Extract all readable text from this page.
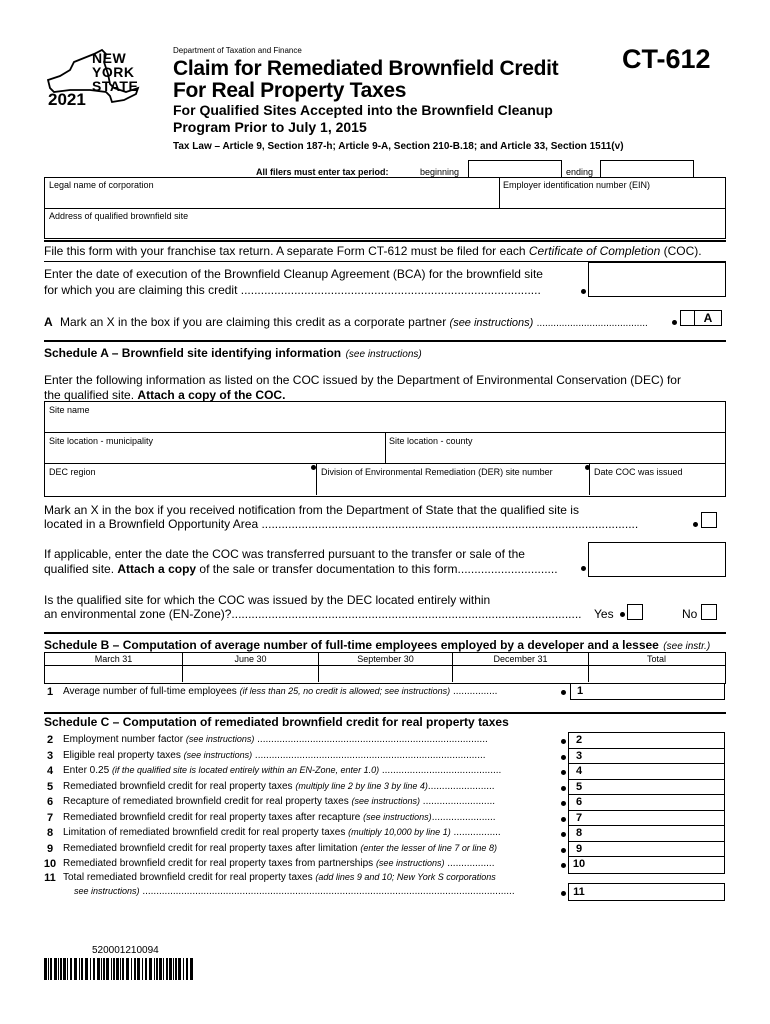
NEW
YORK
STATE
2021
Department of Taxation and Finance
Claim for Remediated Brownfield Credit
For Real Property Taxes
For Qualified Sites Accepted into the Brownfield Cleanup
Program Prior to July 1, 2015
CT-612
Tax Law – Article 9, Section 187-h; Article 9-A, Section 210-B.18; and Article 33, Section 1511(v)
All filers must enter tax period:	beginning	ending
Legal name of corporation	Employer identification number (EIN)
Address of qualified brownfield site
File this form with your franchise tax return. A separate Form CT-612 must be filed for each Certificate of Completion (COC).
Enter the date of execution of the Brownfield Cleanup Agreement (BCA) for the brownfield site
for which you are claiming this credit ..........................................................................................
A Mark an X in the box if you are claiming this credit as a corporate partner (see instructions) ........................................	A
Schedule A – Brownfield site identifying information (see instructions)
Enter the following information as listed on the COC issued by the Department of Environmental Conservation (DEC) for
the qualified site. Attach a copy of the COC.
Site name
Site location - municipality	Site location - county
DEC region	Division of Environmental Remediation (DER) site number	Date COC was issued
Mark an X in the box if you received notification from the Department of State that the qualified site is
located in a Brownfield Opportunity Area .................................................................................................................
If applicable, enter the date the COC was transferred pursuant to the transfer or sale of the
qualified site. Attach a copy of the sale or transfer documentation to this form..............................
Is the qualified site for which the COC was issued by the DEC located entirely within
an environmental zone (EN-Zone)?.........................................................................................................	Yes	No
Schedule B – Computation of average number of full-time employees employed by a developer and a lessee (see instr.)
March 31	June 30	September 30	December 31	Total
1 Average number of full-time employees (if less than 25, no credit is allowed; see instructions) ................	1
Schedule C – Computation of remediated brownfield credit for real property taxes
2 Employment number factor (see instructions) ...................................................................................	2
3 Eligible real property taxes (see instructions) ...................................................................................	3
4 Enter 0.25 (if the qualified site is located entirely within an EN-Zone, enter 1.0) ...........................................	4
5 Remediated brownfield credit for real property taxes (multiply line 2 by line 3 by line 4)........................	5
6 Recapture of remediated brownfield credit for real property taxes (see instructions) ..........................	6
7 Remediated brownfield credit for real property taxes after recapture (see instructions).......................	7
8 Limitation of remediated brownfield credit for real property taxes (multiply 10,000 by line 1) .................	8
9 Remediated brownfield credit for real property taxes after limitation (enter the lesser of line 7 or line 8)	9
10 Remediated brownfield credit for real property taxes from partnerships (see instructions) .................	10
11 Total remediated brownfield credit for real property taxes (add lines 9 and 10; New York S corporations
see instructions) ......................................................................................................................................	11
520001210094
